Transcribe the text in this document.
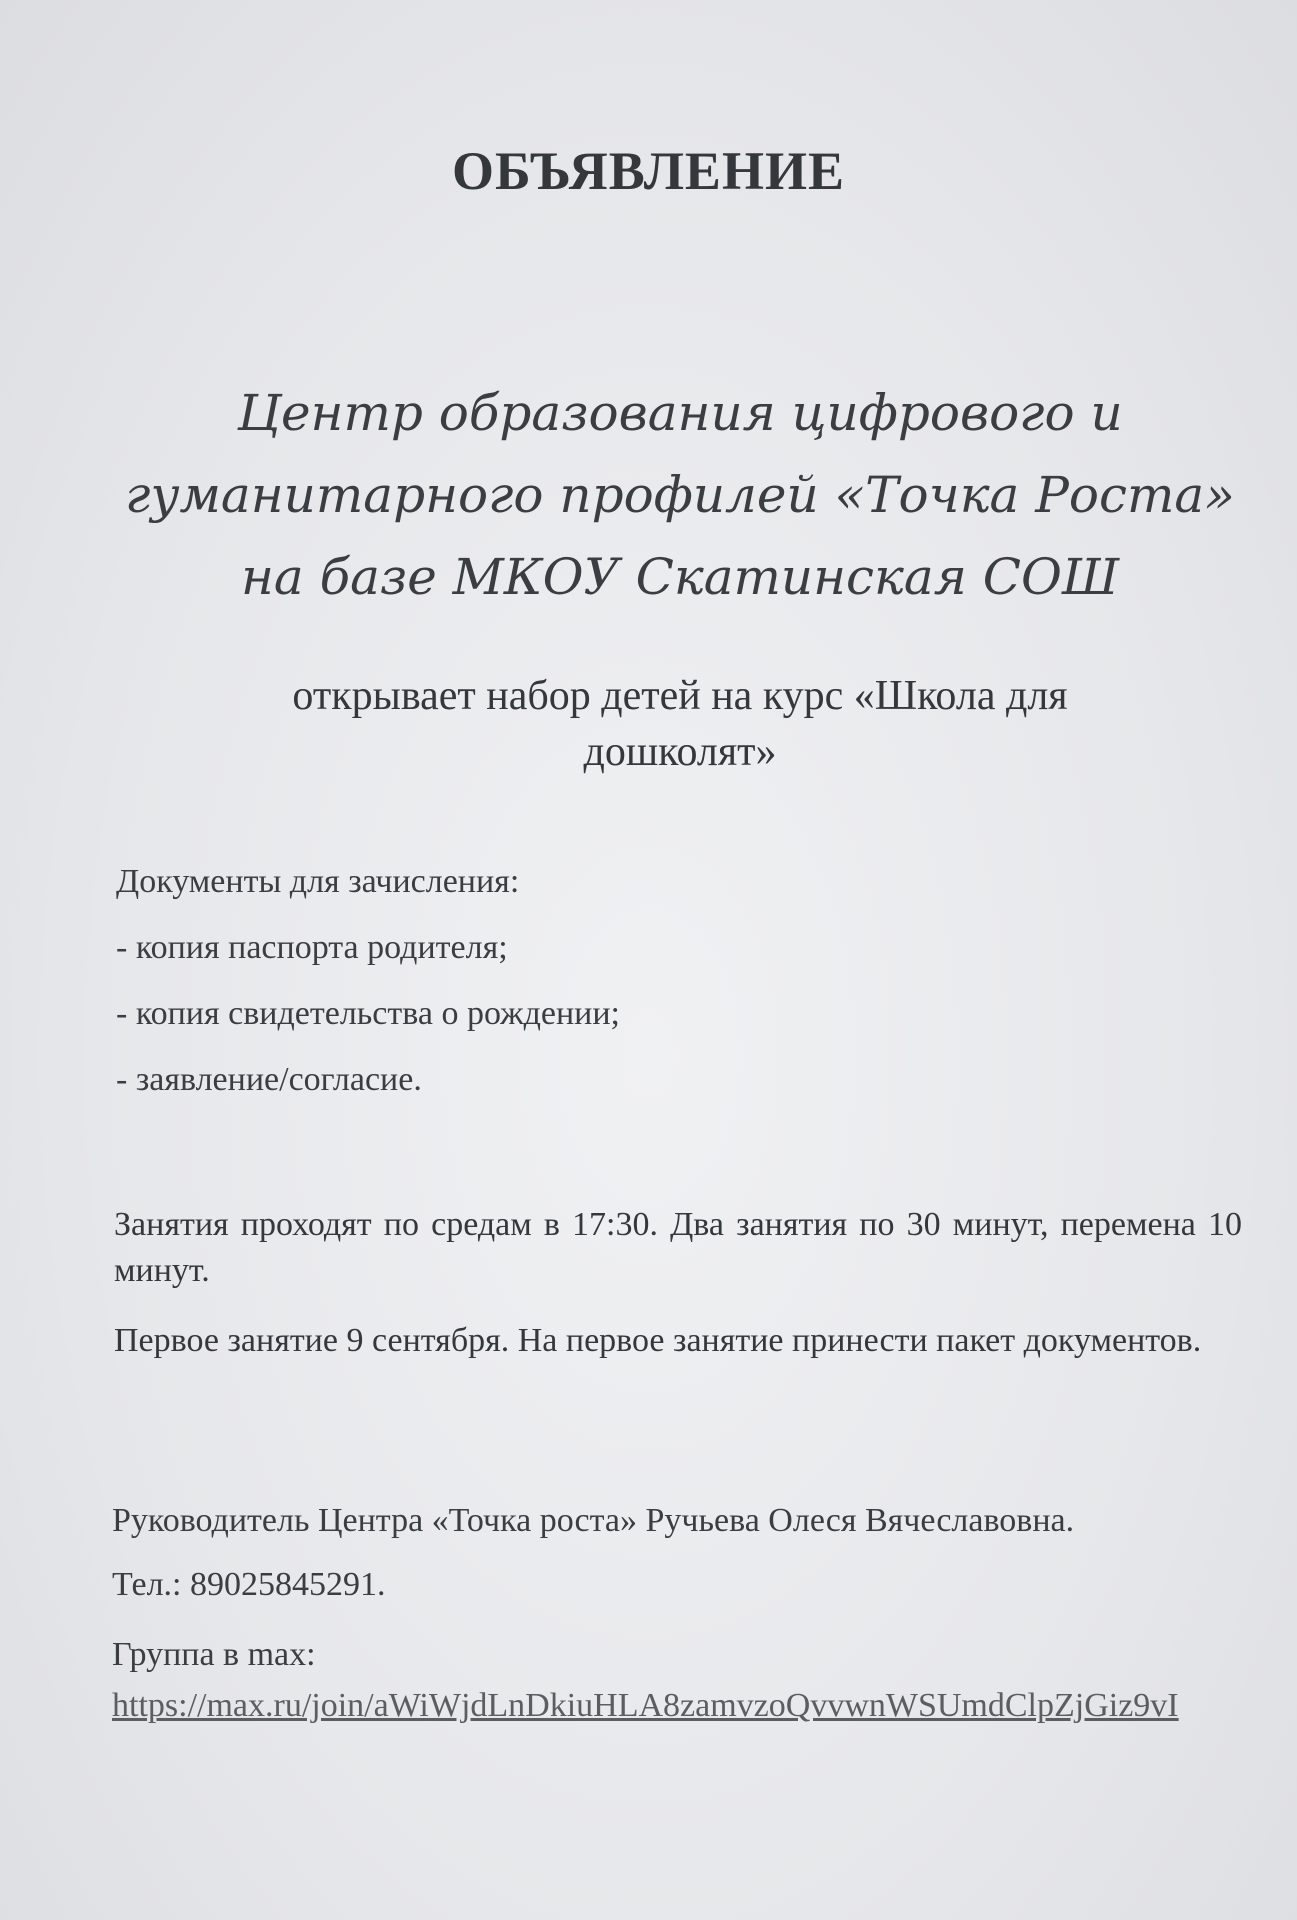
ОБЪЯВЛЕНИЕ
Центр образования цифрового и
гуманитарного профилей «Точка Роста»
на базе МКОУ Скатинская СОШ
открывает набор детей на курс «Школа для
дошколят»
Документы для зачисления:
- копия паспорта родителя;
- копия свидетельства о рождении;
- заявление/согласие.
Занятия проходят по средам в 17:30. Два занятия по 30 минут, перемена 10 минут.
Первое занятие 9 сентября. На первое занятие принести пакет документов.
Руководитель Центра «Точка роста» Ручьева Олеся Вячеславовна.
Тел.: 89025845291.
Группа в max:
https://max.ru/join/aWiWjdLnDkiuHLA8zamvzoQvvwnWSUmdClpZjGiz9vI
